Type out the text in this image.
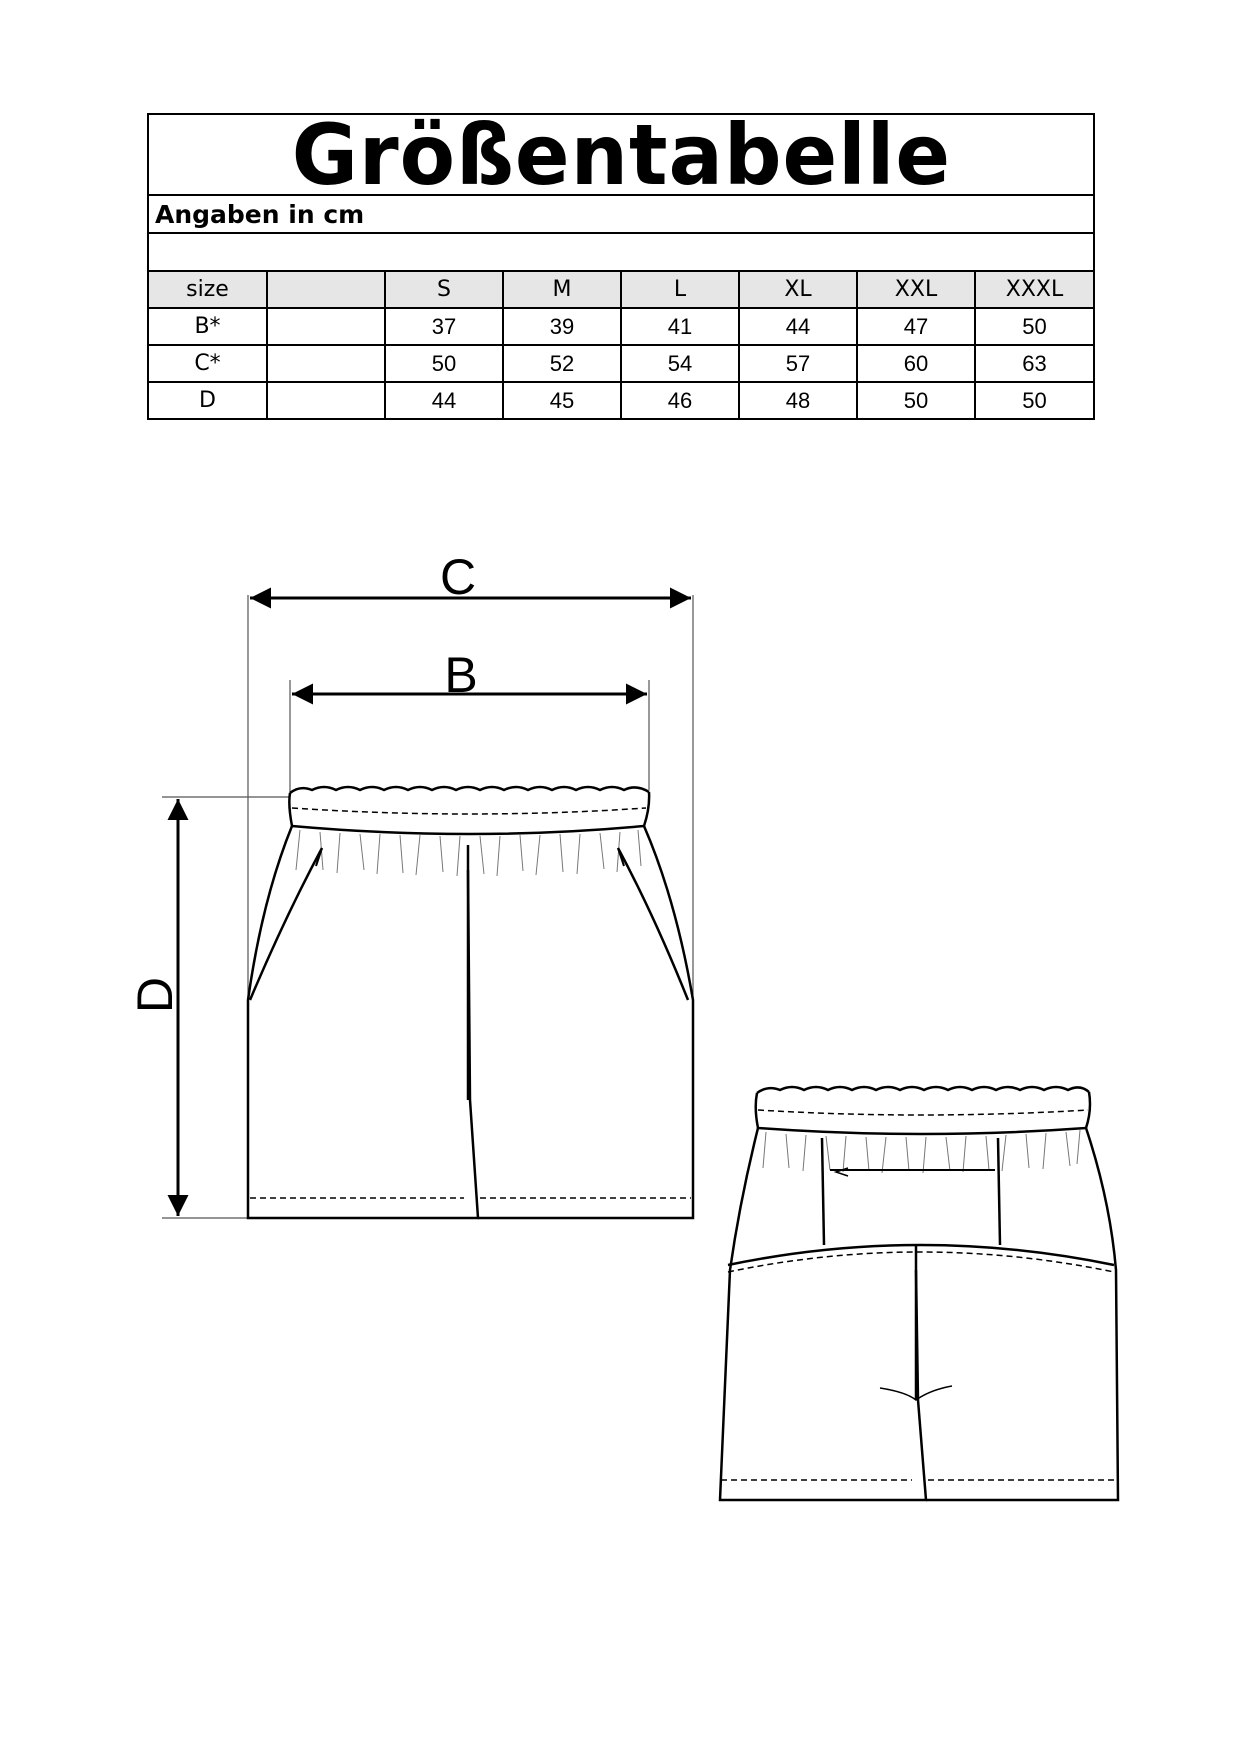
Größentabelle
Angaben in cm
size		S	M	L	XL	XXL	XXXL
B*		37	39	41	44	47	50
C*		50	52	54	57	60	63
D		44	45	46	48	50	50
C
B
D
